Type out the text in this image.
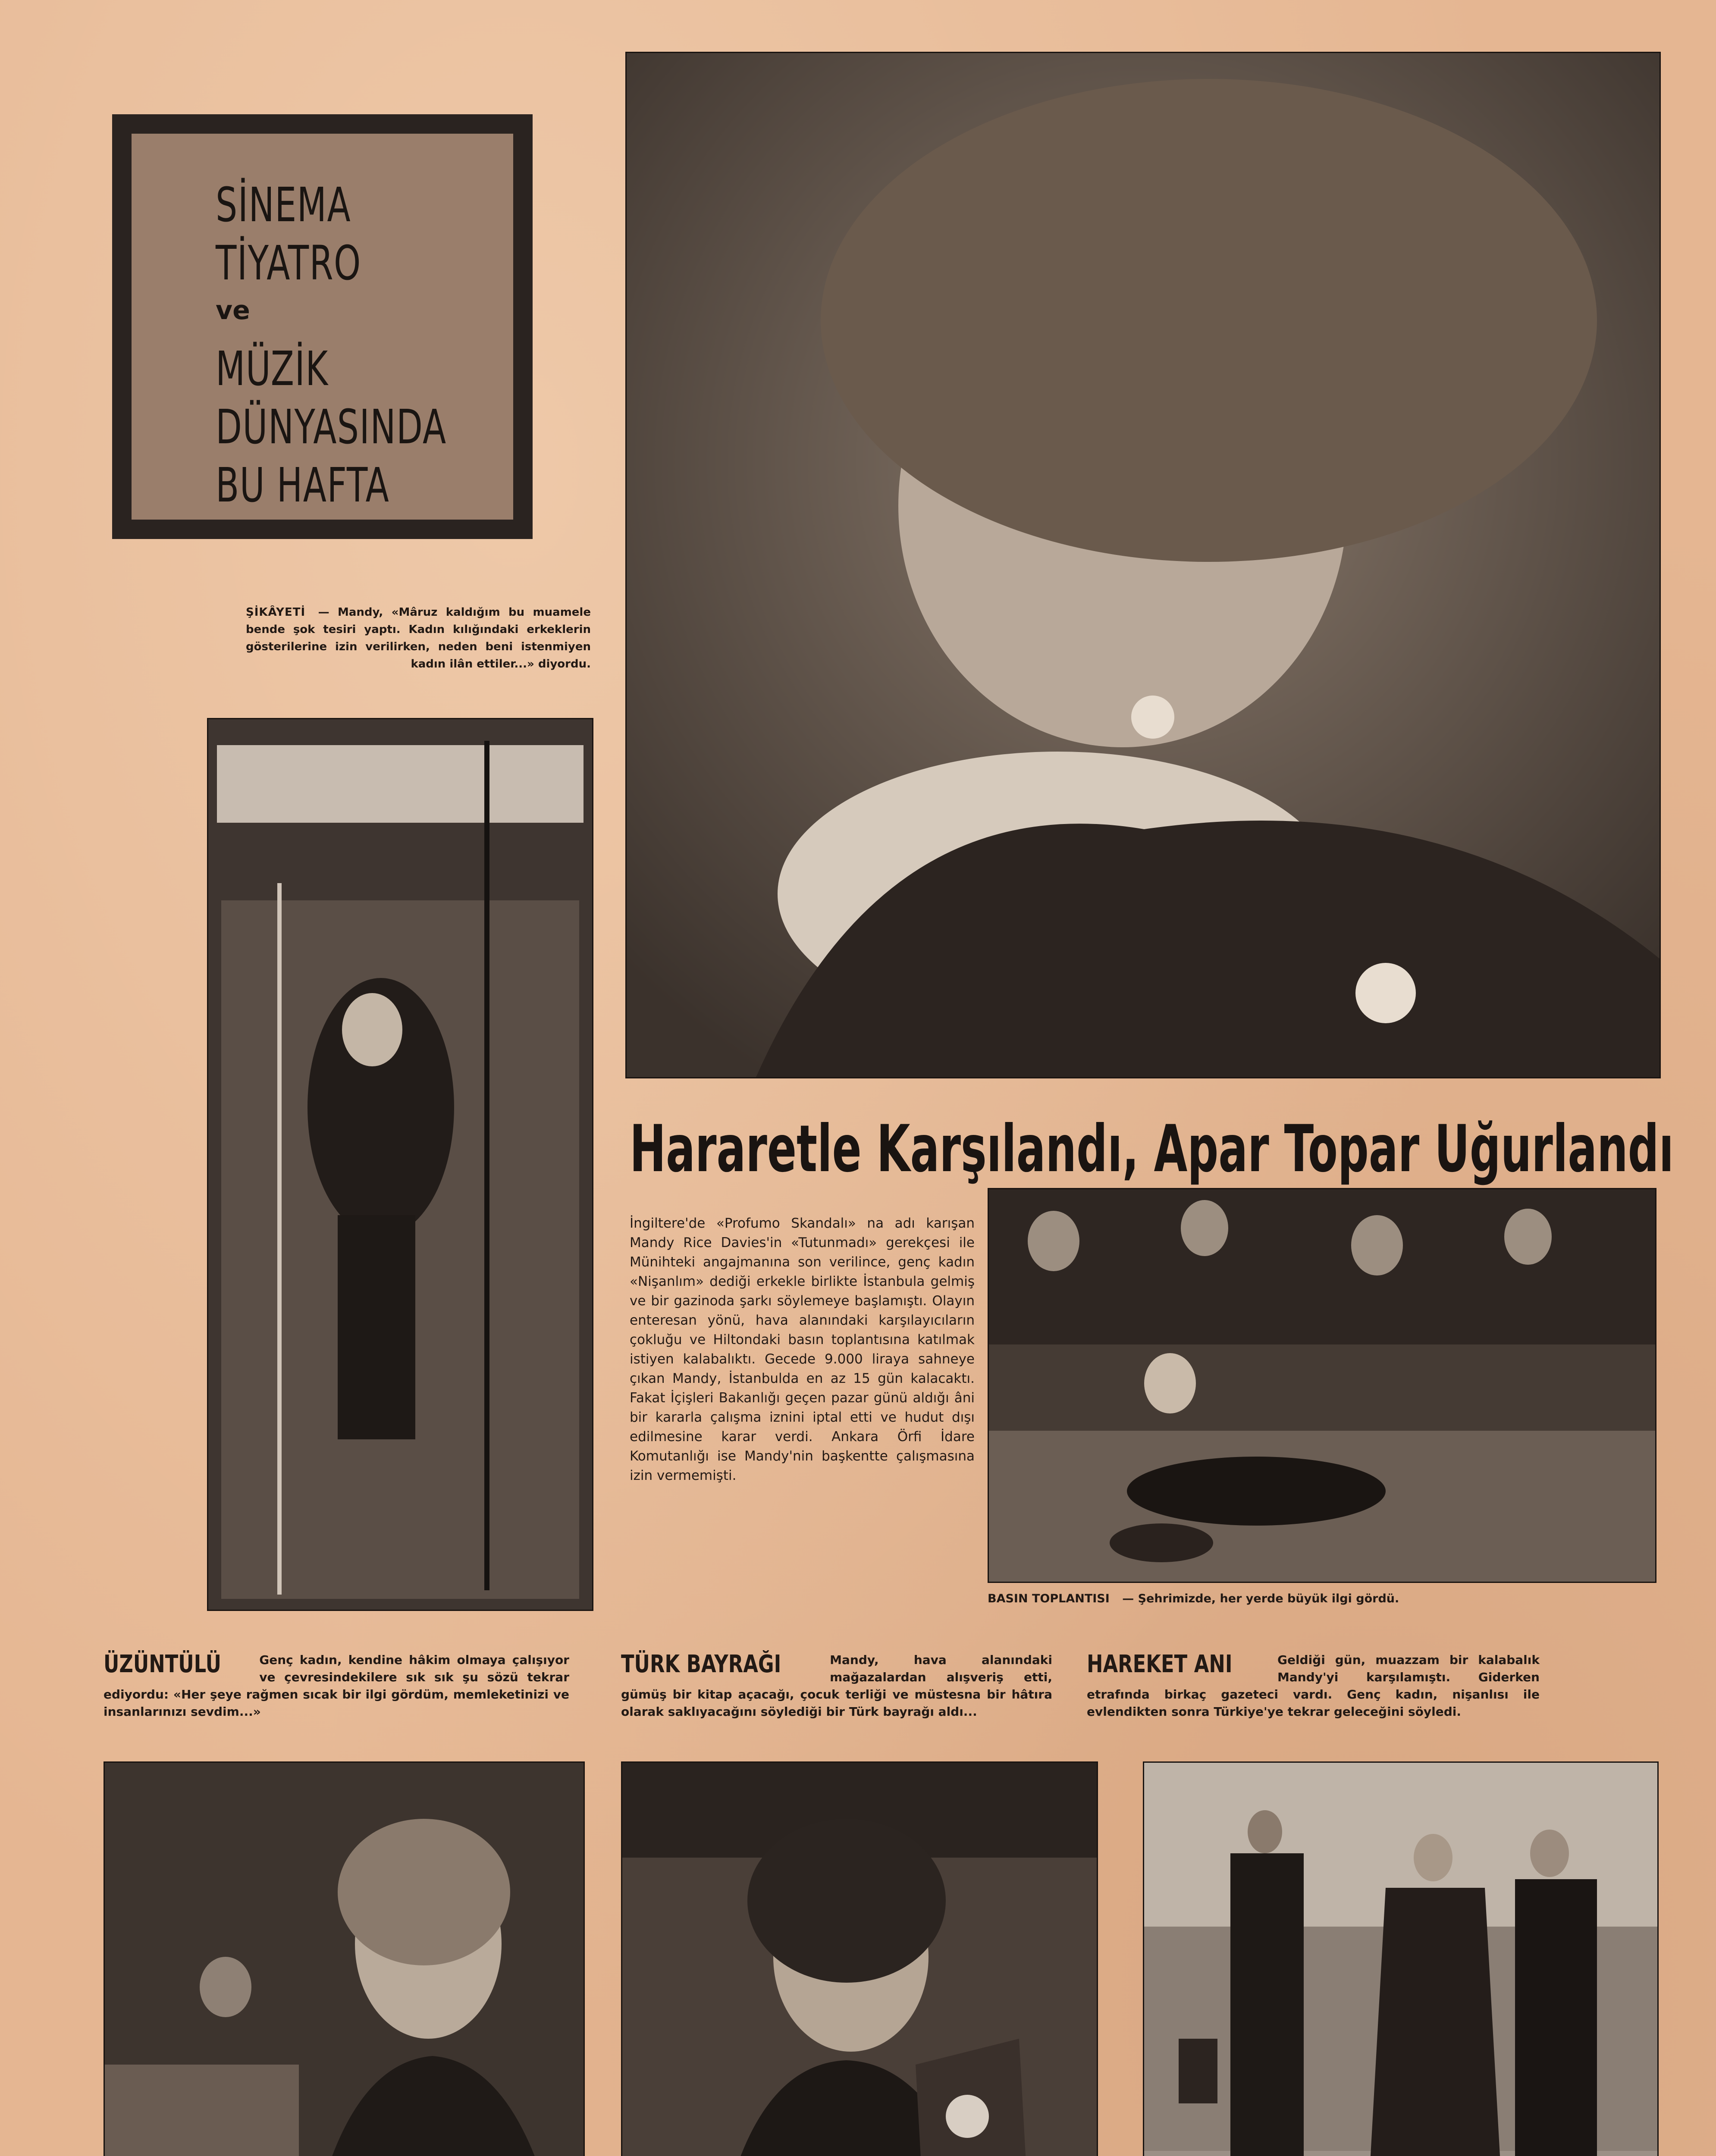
SİNEMA
TİYATRO
ve
MÜZİK
DÜNYASINDA
BU HAFTA
ŞİKÂYETİ — Mandy, «Mâruz kaldığım bu muamele bende şok tesiri yaptı. Kadın kılığındaki erkeklerin gösterilerine izin verilirken, neden beni istenmiyen kadın ilân ettiler...» diyordu.
Hararetle Karşılandı, Apar Topar Uğurlandı
İngiltere'de «Profumo Skandalı» na adı karışan Mandy Rice Davies'in «Tutunmadı» gerekçesi ile Münihteki angajmanına son verilince, genç kadın «Nişanlım» dediği erkekle birlikte İstanbula gelmiş ve bir gazinoda şarkı söylemeye başlamıştı. Olayın enteresan yönü, hava alanındaki karşılayıcıların çokluğu ve Hiltondaki basın toplantısına katılmak istiyen kalabalıktı. Gecede 9.000 liraya sahneye çıkan Mandy, İstanbulda en az 15 gün kalacaktı. Fakat İçişleri Bakanlığı geçen pazar günü aldığı âni bir kararla çalışma iznini iptal etti ve hudut dışı edilmesine karar verdi. Ankara Örfi İdare Komutanlığı ise Mandy'nin başkentte çalışmasına izin vermemişti.
BASIN TOPLANTISI — Şehrimizde, her yerde büyük ilgi gördü.
ÜZÜNTÜLÜ	Genç kadın, kendine hâkim olmaya çalışıyor ve çevresindekilere sık sık şu sözü tekrar ediyordu: «Her şeye rağmen sıcak bir ilgi gördüm, memleketinizi ve insanlarınızı sevdim...»
TÜRK BAYRAĞI	Mandy, hava alanındaki mağazalardan alışveriş etti, gümüş bir kitap açacağı, çocuk terliği ve müstesna bir hâtıra olarak saklıyacağını söylediği bir Türk bayrağı aldı...
HAREKET ANI	Geldiği gün, muazzam bir kalabalık Mandy'yi karşılamıştı. Giderken etrafında birkaç gazeteci vardı. Genç kadın, nişanlısı ile evlendikten sonra Türkiye'ye tekrar geleceğini söyledi.
